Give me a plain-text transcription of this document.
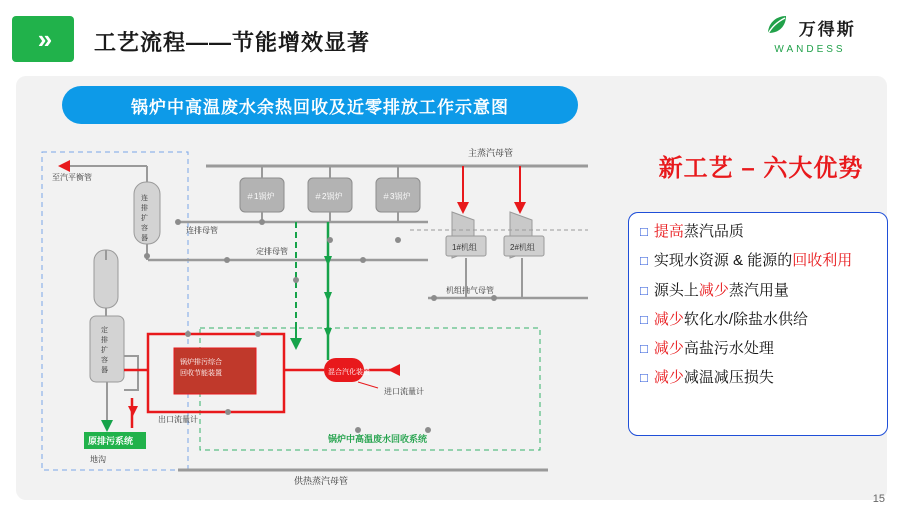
» 工艺流程——节能增效显著
万得斯
WANDESS
锅炉中高温废水余热回收及近零排放工作示意图
主蒸汽母管
＃1锅炉	＃2锅炉	＃3锅炉
连排母管
定排母管
连
排
扩
容
器
定
排
扩
容
器
至汽平衡管
原排污系统
地沟
1#机组	2#机组
机组抽气母管
锅炉排污综合
回收节能装置	混合汽化装置
进口流量计
出口流量计
锅炉中高温废水回收系统
供热蒸汽母管
新工艺 – 六大优势
□ 提高蒸汽品质
□ 实现水资源 & 能源的回收利用
□ 源头上减少蒸汽用量
□ 减少软化水/除盐水供给
□ 减少高盐污水处理
□ 减少减温减压损失
15
